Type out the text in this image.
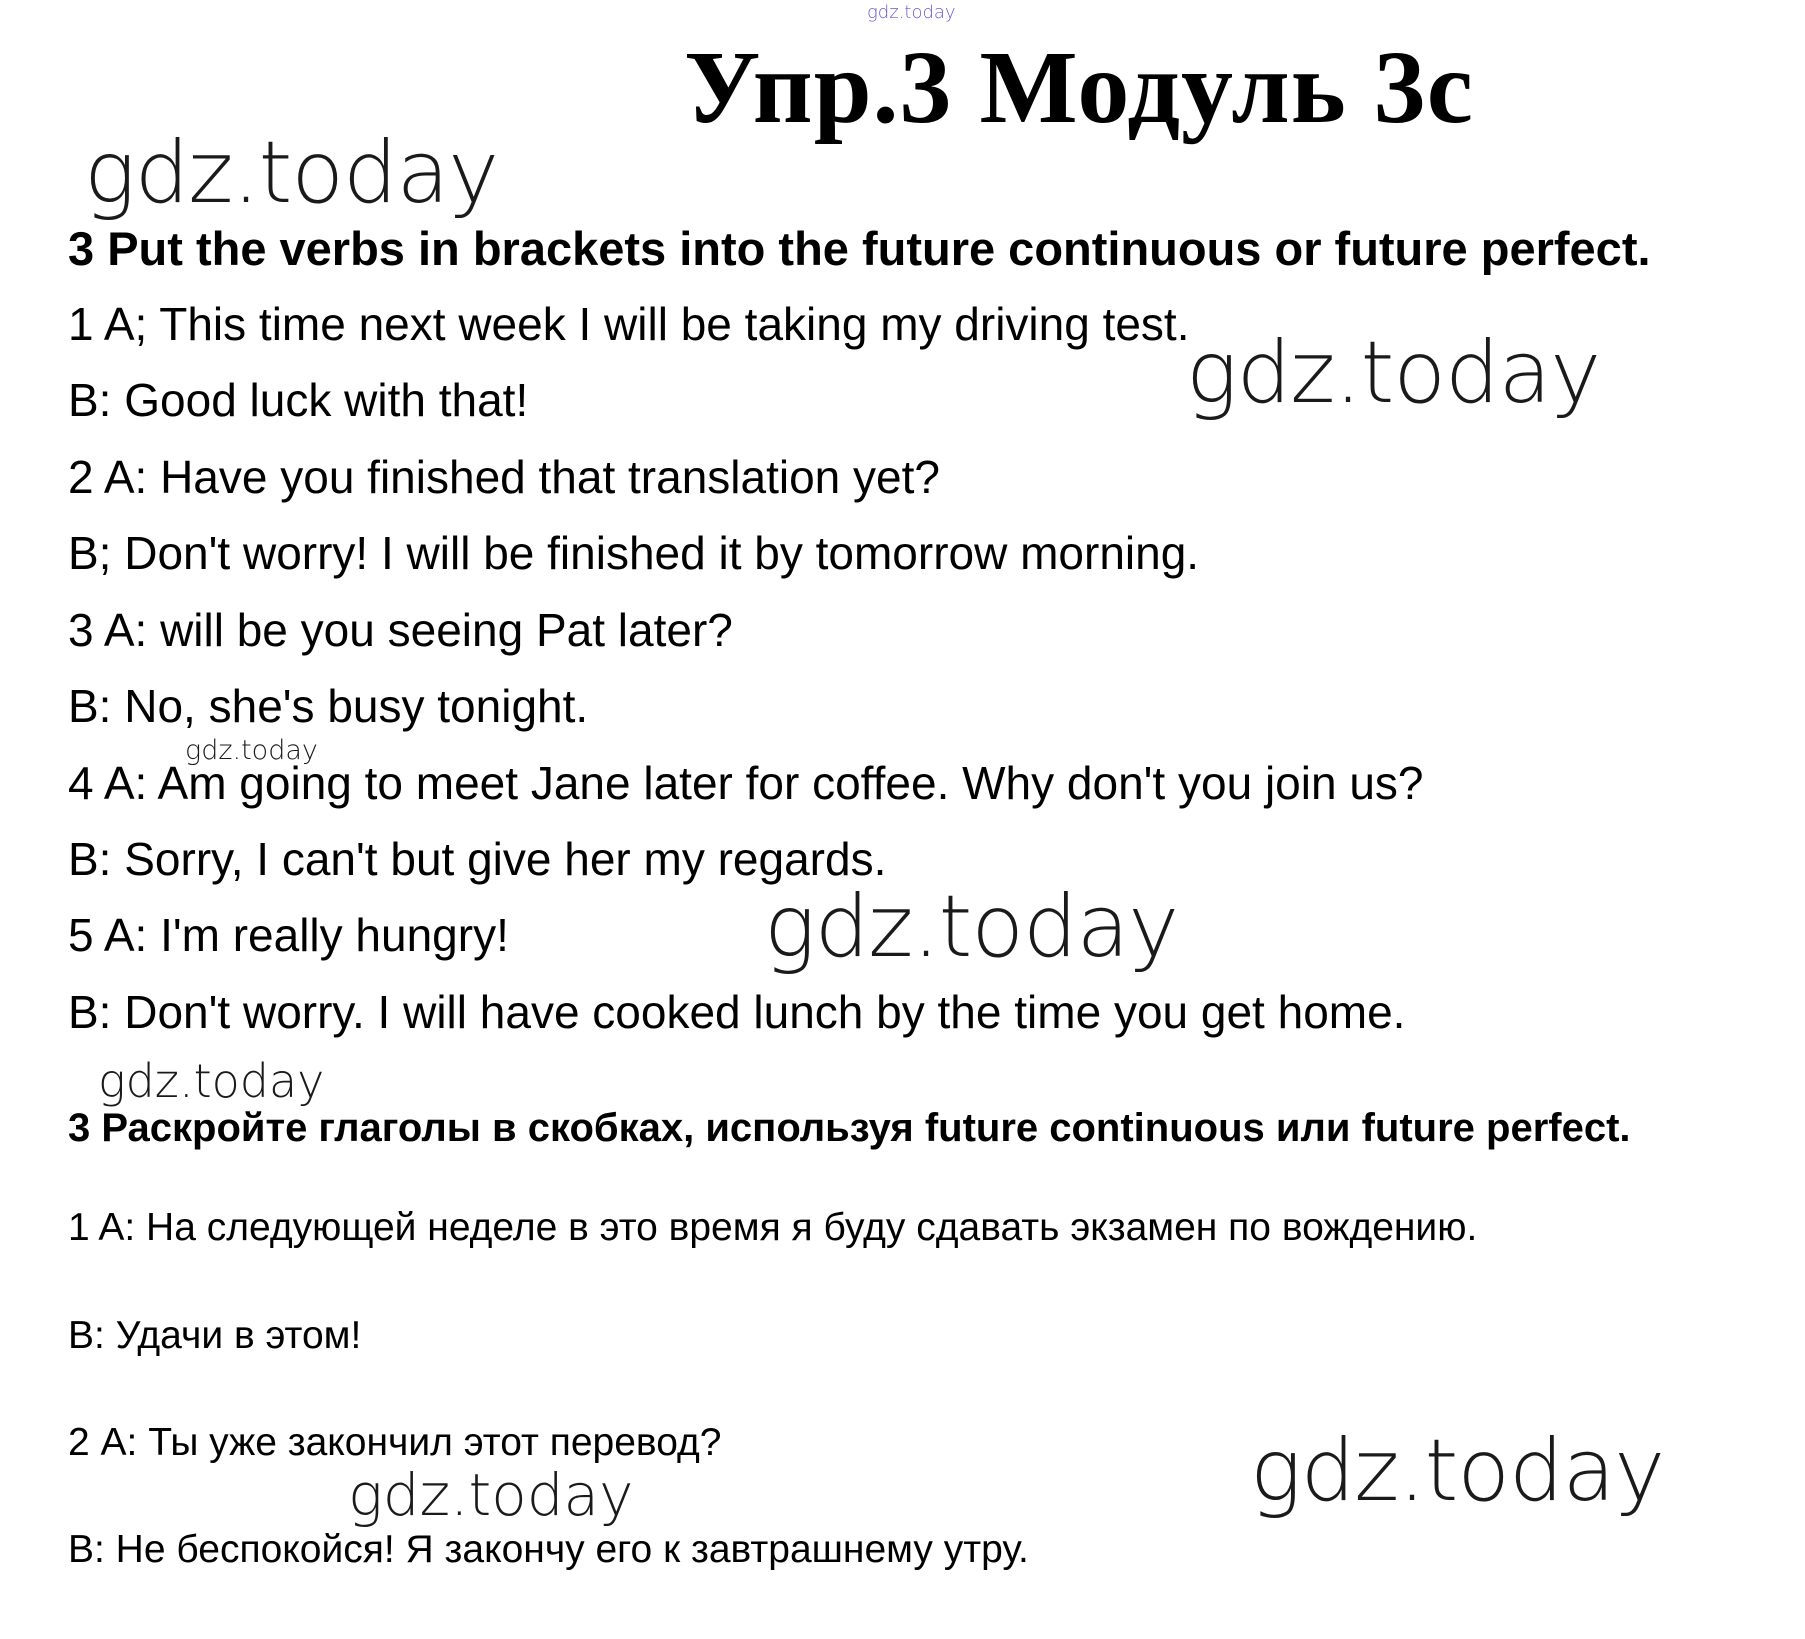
Упр.3 Модуль 3с
gdz.today
gdz.today
gdz.today
gdz.today
gdz.today
gdz.today
gdz.today	gdz.today
3 Put the verbs in brackets into the future continuous or future perfect.
1 A; This time next week I will be taking my driving test.
B: Good luck with that!
2 A: Have you finished that translation yet?
B; Don't worry! I will be finished it by tomorrow morning.
3 A: will be you seeing Pat later?
B: No, she's busy tonight.
4 A: Am going to meet Jane later for coffee. Why don't you join us?
B: Sorry, I can't but give her my regards.
5 A: I'm really hungry!
B: Don't worry. I will have cooked lunch by the time you get home.
3 Раскройте глаголы в скобках, используя future continuous или future perfect.
1 A: На следующей неделе в это время я буду сдавать экзамен по вождению.
В: Удачи в этом!
2 А: Ты уже закончил этот перевод?
В: Не беспокойся! Я закончу его к завтрашнему утру.
